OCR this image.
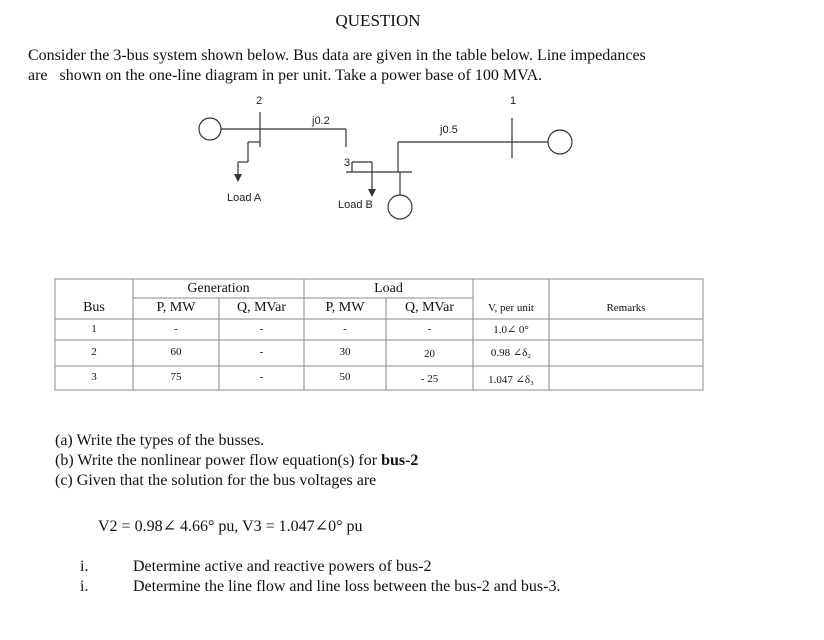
QUESTION
Consider the 3-bus system shown below. Bus data are given in the table below. Line impedances
are   shown on the one-line diagram in per unit. Take a power base of 100 MVA.
2	1
3
j0.2
j0.5
Load A
Load B
Generation	Load
Bus	P, MW	Q, MVar	P, MW	Q, MVar	V, per unit	Remarks
1	-	-	-	-	1.0∠ 0°
2	60	-	30	20	0.98 ∠δ₂
3	75	-	50	- 25	1.047 ∠δ₃
(a) Write the types of the busses.
(b) Write the nonlinear power flow equation(s) for bus-2
(c) Given that the solution for the bus voltages are
V2 = 0.98∠ 4.66° pu, V3 = 1.047∠0° pu
i.	Determine active and reactive powers of bus-2
i.	Determine the line flow and line loss between the bus-2 and bus-3.
